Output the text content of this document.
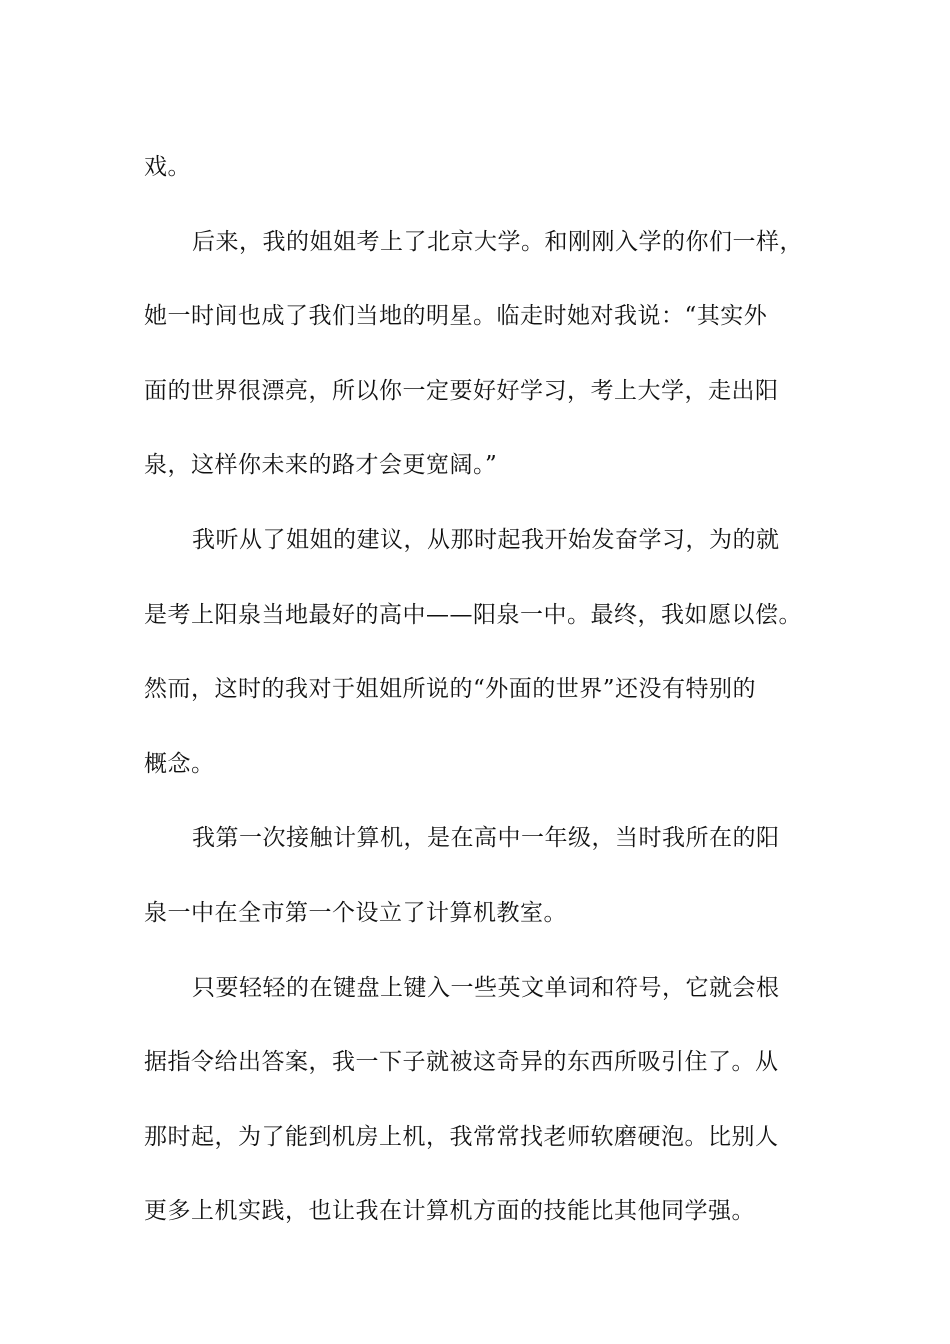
戏。
后来，我的姐姐考上了北京大学。和刚刚入学的你们一样，
她一时间也成了我们当地的明星。临走时她对我说：“其实外
面的世界很漂亮，所以你一定要好好学习，考上大学，走出阳
泉，这样你未来的路才会更宽阔。”
我听从了姐姐的建议，从那时起我开始发奋学习，为的就
是考上阳泉当地最好的高中——阳泉一中。最终，我如愿以偿。
然而，这时的我对于姐姐所说的“外面的世界”还没有特别的
概念。
我第一次接触计算机，是在高中一年级，当时我所在的阳
泉一中在全市第一个设立了计算机教室。
只要轻轻的在键盘上键入一些英文单词和符号，它就会根
据指令给出答案，我一下子就被这奇异的东西所吸引住了。从
那时起，为了能到机房上机，我常常找老师软磨硬泡。比别人
更多上机实践，也让我在计算机方面的技能比其他同学强。
